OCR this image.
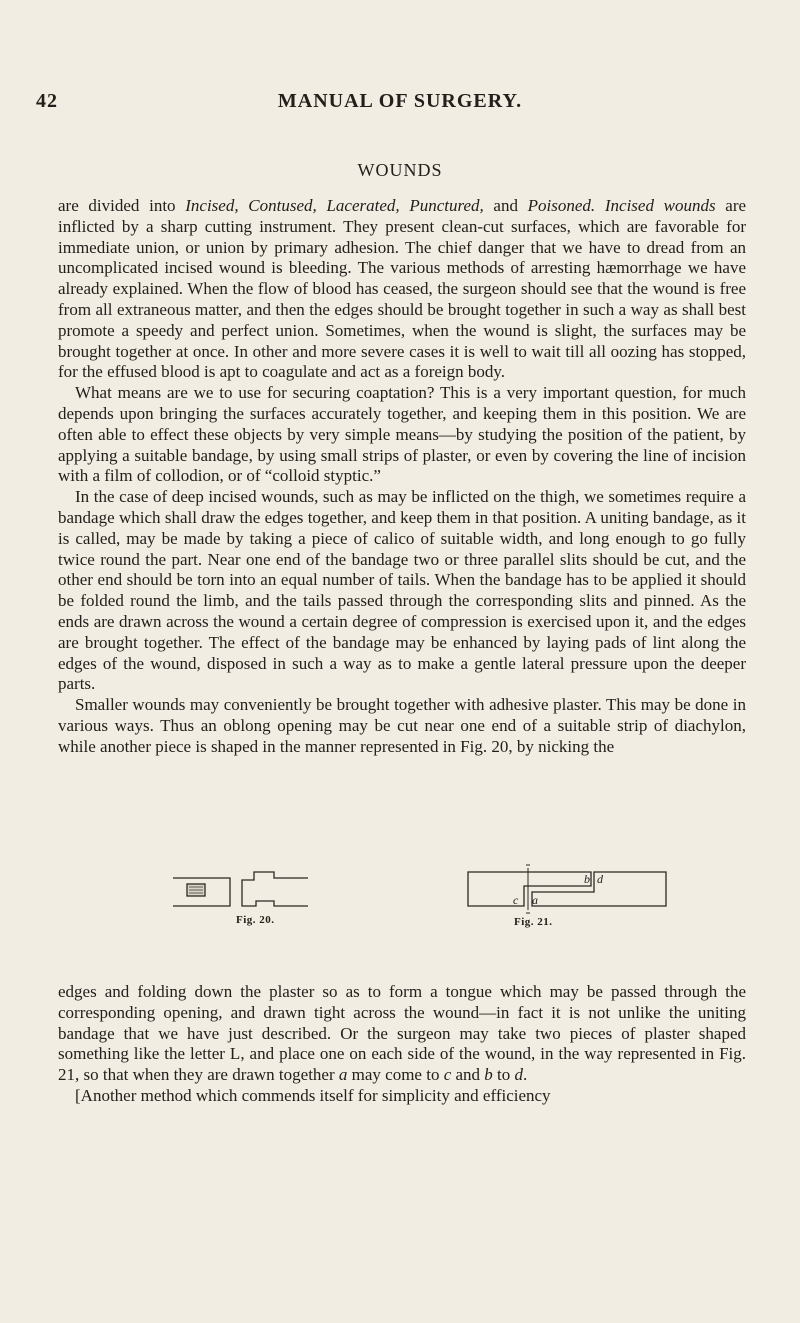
42	MANUAL OF SURGERY.
WOUNDS

are divided into Incised, Contused, Lacerated, Punctured, and Poisoned. Incised wounds are inflicted by a sharp cutting instrument. They present clean-cut surfaces, which are favorable for immediate union, or union by primary adhesion. The chief danger that we have to dread from an uncomplicated incised wound is bleeding. The various methods of arresting hæmorrhage we have already explained. When the flow of blood has ceased, the surgeon should see that the wound is free from all extraneous matter, and then the edges should be brought together in such a way as shall best promote a speedy and perfect union. Sometimes, when the wound is slight, the surfaces may be brought together at once. In other and more severe cases it is well to wait till all oozing has stopped, for the effused blood is apt to coagulate and act as a foreign body.

What means are we to use for securing coaptation? This is a very important question, for much depends upon bringing the surfaces accurately together, and keeping them in this position. We are often able to effect these objects by very simple means—by studying the position of the patient, by applying a suitable bandage, by using small strips of plaster, or even by covering the line of incision with a film of collodion, or of “colloid styptic.”

In the case of deep incised wounds, such as may be inflicted on the thigh, we sometimes require a bandage which shall draw the edges together, and keep them in that position. A uniting bandage, as it is called, may be made by taking a piece of calico of suitable width, and long enough to go fully twice round the part. Near one end of the bandage two or three parallel slits should be cut, and the other end should be torn into an equal number of tails. When the bandage has to be applied it should be folded round the limb, and the tails passed through the corresponding slits and pinned. As the ends are drawn across the wound a certain degree of compression is exercised upon it, and the edges are brought together. The effect of the bandage may be enhanced by laying pads of lint along the edges of the wound, disposed in such a way as to make a gentle lateral pressure upon the deeper parts.

Smaller wounds may conveniently be brought together with adhesive plaster. This may be done in various ways. Thus an oblong opening may be cut near one end of a suitable strip of diachylon, while another piece is shaped in the manner represented in Fig. 20, by nicking the

Fig. 20.
b d
c a
Fig. 21.

edges and folding down the plaster so as to form a tongue which may be passed through the corresponding opening, and drawn tight across the wound—in fact it is not unlike the uniting bandage that we have just described. Or the surgeon may take two pieces of plaster shaped something like the letter L, and place one on each side of the wound, in the way represented in Fig. 21, so that when they are drawn together a may come to c and b to d.

[Another method which commends itself for simplicity and efficiency
